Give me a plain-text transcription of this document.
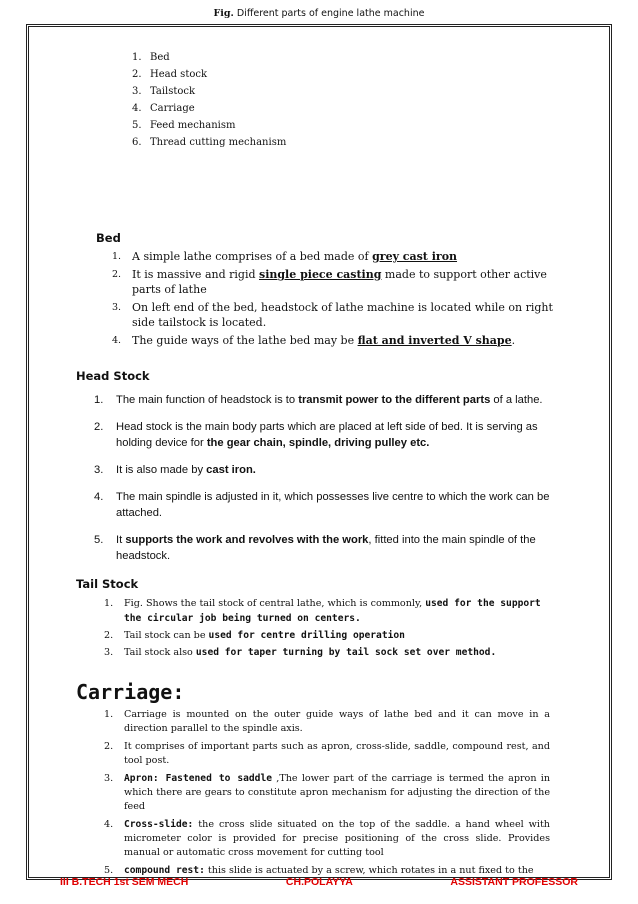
Fig. Different parts of engine lathe machine
1. Bed
2. Head stock
3. Tailstock
4. Carriage
5. Feed mechanism
6. Thread cutting mechanism
Bed
1. A simple lathe comprises of a bed made of grey cast iron
2. It is massive and rigid single piece casting made to support other active parts of lathe
3. On left end of the bed, headstock of lathe machine is located while on right side tailstock is located.
4. The guide ways of the lathe bed may be flat and inverted V shape.
Head Stock
1.	The main function of headstock is to transmit power to the different parts of a lathe.
2.	Head stock is the main body parts which are placed at left side of bed. It is serving as holding device for the gear chain, spindle, driving pulley etc.
3.	It is also made by cast iron.
4.	The main spindle is adjusted in it, which possesses live centre to which the work can be attached.
5.	It supports the work and revolves with the work, fitted into the main spindle of the headstock.
Tail Stock
1.	Fig. Shows the tail stock of central lathe, which is commonly, used for the support the circular job being turned on centers.
2.	Tail stock can be used for centre drilling operation
3.	Tail stock also used for taper turning by tail sock set over method.
Carriage:
1.	Carriage is mounted on the outer guide ways of lathe bed and it can move in a direction parallel to the spindle axis.
2.	It comprises of important parts such as apron, cross-slide, saddle, compound rest, and tool post.
3.	Apron: Fastened to saddle ,The lower part of the carriage is termed the apron in which there are gears to constitute apron mechanism for adjusting the direction of the feed
4.	Cross-slide: the cross slide situated on the top of the saddle. a hand wheel with micrometer color is provided for precise positioning of the cross slide. Provides manual or automatic cross movement for cutting tool
5.	compound rest: this slide is actuated by a screw, which rotates in a nut fixed to the
III B.TECH 1st SEM MECH	CH.POLAYYA	ASSISTANT PROFESSOR
